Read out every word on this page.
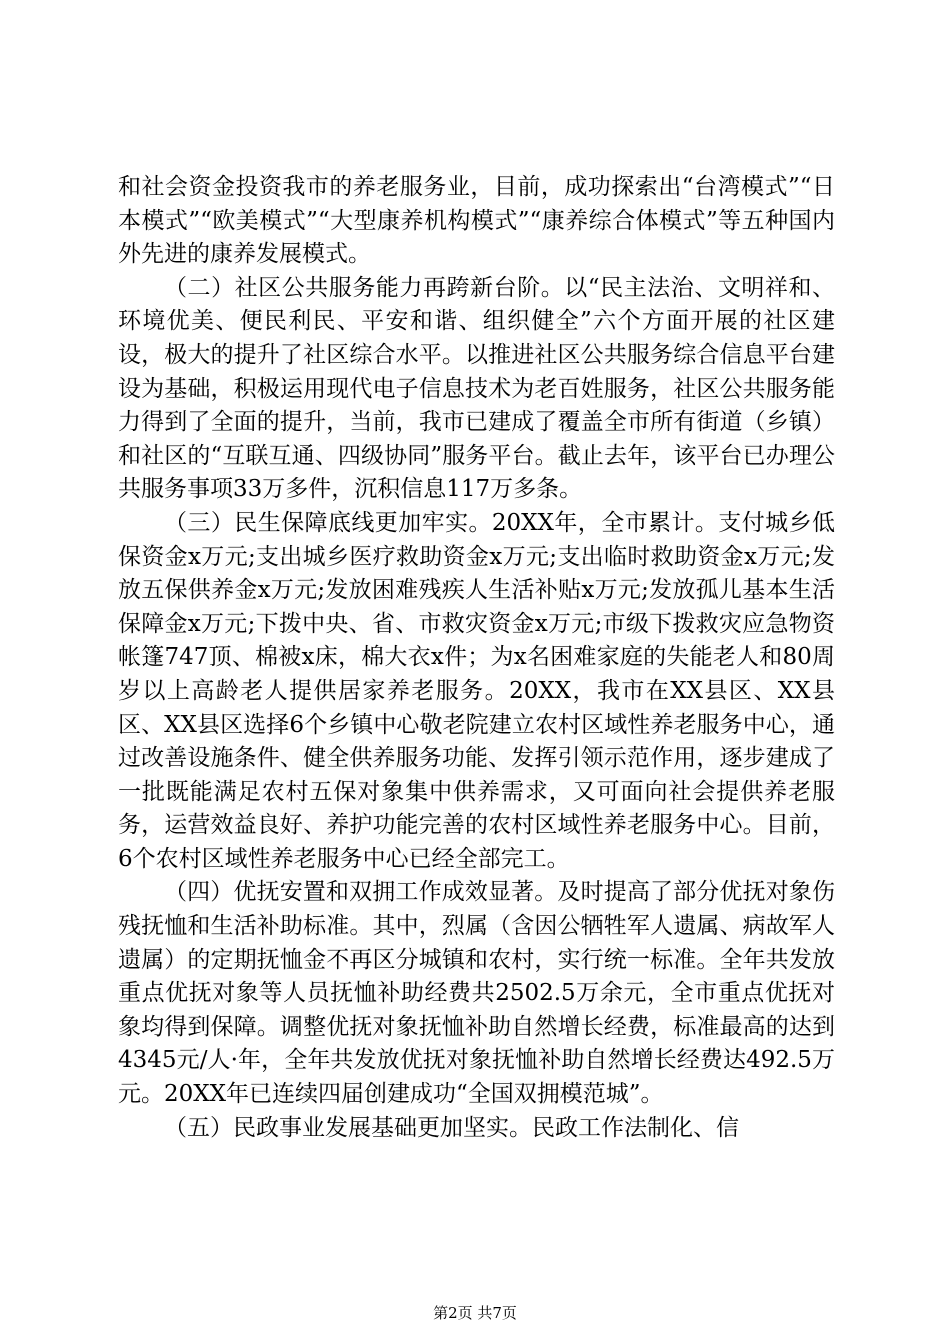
和社会资金投资我市的养老服务业，目前，成功探索出“台湾模式”“日本模式”“欧美模式”“大型康养机构模式”“康养综合体模式”等五种国内外先进的康养发展模式。

（二）社区公共服务能力再跨新台阶。以“民主法治、文明祥和、环境优美、便民利民、平安和谐、组织健全”六个方面开展的社区建设，极大的提升了社区综合水平。以推进社区公共服务综合信息平台建设为基础，积极运用现代电子信息技术为老百姓服务，社区公共服务能力得到了全面的提升，当前，我市已建成了覆盖全市所有街道（乡镇）和社区的“互联互通、四级协同”服务平台。截止去年，该平台已办理公共服务事项33万多件，沉积信息117万多条。

（三）民生保障底线更加牢实。20XX年，全市累计。支付城乡低保资金x万元;支出城乡医疗救助资金x万元;支出临时救助资金x万元;发放五保供养金x万元;发放困难残疾人生活补贴x万元;发放孤儿基本生活保障金x万元;下拨中央、省、市救灾资金x万元;市级下拨救灾应急物资帐篷747顶、棉被x床，棉大衣x件；为x名困难家庭的失能老人和80周岁以上高龄老人提供居家养老服务。20XX，我市在XX县区、XX县区、XX县区选择6个乡镇中心敬老院建立农村区域性养老服务中心，通过改善设施条件、健全供养服务功能、发挥引领示范作用，逐步建成了一批既能满足农村五保对象集中供养需求，又可面向社会提供养老服务，运营效益良好、养护功能完善的农村区域性养老服务中心。目前，6个农村区域性养老服务中心已经全部完工。

（四）优抚安置和双拥工作成效显著。及时提高了部分优抚对象伤残抚恤和生活补助标准。其中，烈属（含因公牺牲军人遗属、病故军人遗属）的定期抚恤金不再区分城镇和农村，实行统一标准。全年共发放重点优抚对象等人员抚恤补助经费共2502.5万余元，全市重点优抚对象均得到保障。调整优抚对象抚恤补助自然增长经费，标准最高的达到4345元/人·年，全年共发放优抚对象抚恤补助自然增长经费达492.5万元。20XX年已连续四届创建成功“全国双拥模范城”。

（五）民政事业发展基础更加坚实。民政工作法制化、信

第2页 共7页
